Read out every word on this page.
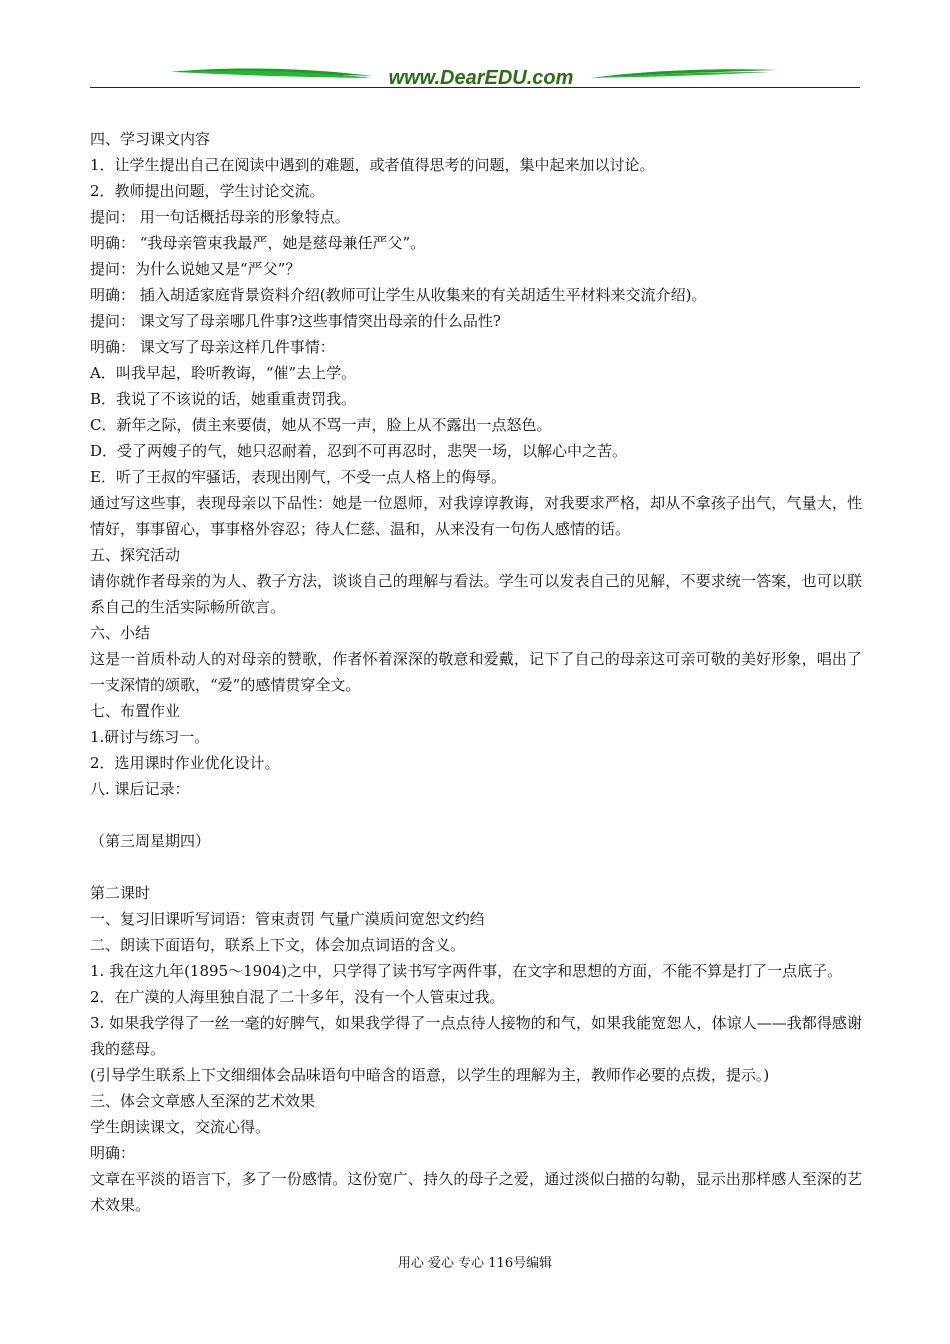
www.DearEDU.com

四、学习课文内容

1．让学生提出自己在阅读中遇到的难题，或者值得思考的问题，集中起来加以讨论。

2．教师提出问题，学生讨论交流。

提问： 用一句话概括母亲的形象特点。

明确： “我母亲管束我最严，她是慈母兼任严父”。

提问：为什么说她又是“严父”？

明确： 插入胡适家庭背景资料介绍(教师可让学生从收集来的有关胡适生平材料来交流介绍)。

提问： 课文写了母亲哪几件事?这些事情突出母亲的什么品性?

明确： 课文写了母亲这样几件事情：

A．叫我早起，聆听教诲，“催”去上学。

B．我说了不该说的话，她重重责罚我。

C．新年之际，债主来要债，她从不骂一声，脸上从不露出一点怒色。

D．受了两嫂子的气，她只忍耐着，忍到不可再忍时，悲哭一场，以解心中之苦。

E．听了王叔的牢骚话，表现出刚气，不受一点人格上的侮辱。

通过写这些事，表现母亲以下品性：她是一位恩师，对我谆谆教诲，对我要求严格，却从不拿孩子出气，气量大，性情好，事事留心，事事格外容忍；待人仁慈、温和，从来没有一句伤人感情的话。

五、探究活动

请你就作者母亲的为人、教子方法，谈谈自己的理解与看法。学生可以发表自己的见解，不要求统一答案，也可以联系自己的生活实际畅所欲言。

六、小结

这是一首质朴动人的对母亲的赞歌，作者怀着深深的敬意和爱戴，记下了自己的母亲这可亲可敬的美好形象，唱出了一支深情的颂歌，“爱”的感情贯穿全文。

七、布置作业

1.研讨与练习一。

2．选用课时作业优化设计。

八. 课后记录：

（第三周星期四）

第二课时

一、复习旧课听写词语：管束责罚 气量广漠质问宽恕文约绉

二、朗读下面语句，联系上下文，体会加点词语的含义。

1. 我在这九年(1895～1904)之中，只学得了读书写字两件事，在文字和思想的方面，不能不算是打了一点底子。

2．在广漠的人海里独自混了二十多年，没有一个人管束过我。

3. 如果我学得了一丝一毫的好脾气，如果我学得了一点点待人接物的和气，如果我能宽恕人，体谅人——我都得感谢我的慈母。

(引导学生联系上下文细细体会品味语句中暗含的语意，以学生的理解为主，教师作必要的点拨，提示。)

三、体会文章感人至深的艺术效果

学生朗读课文，交流心得。

明确：

文章在平淡的语言下，多了一份感情。这份宽广、持久的母子之爱，通过淡似白描的勾勒，显示出那样感人至深的艺术效果。

用心 爱心 专心 116号编辑
